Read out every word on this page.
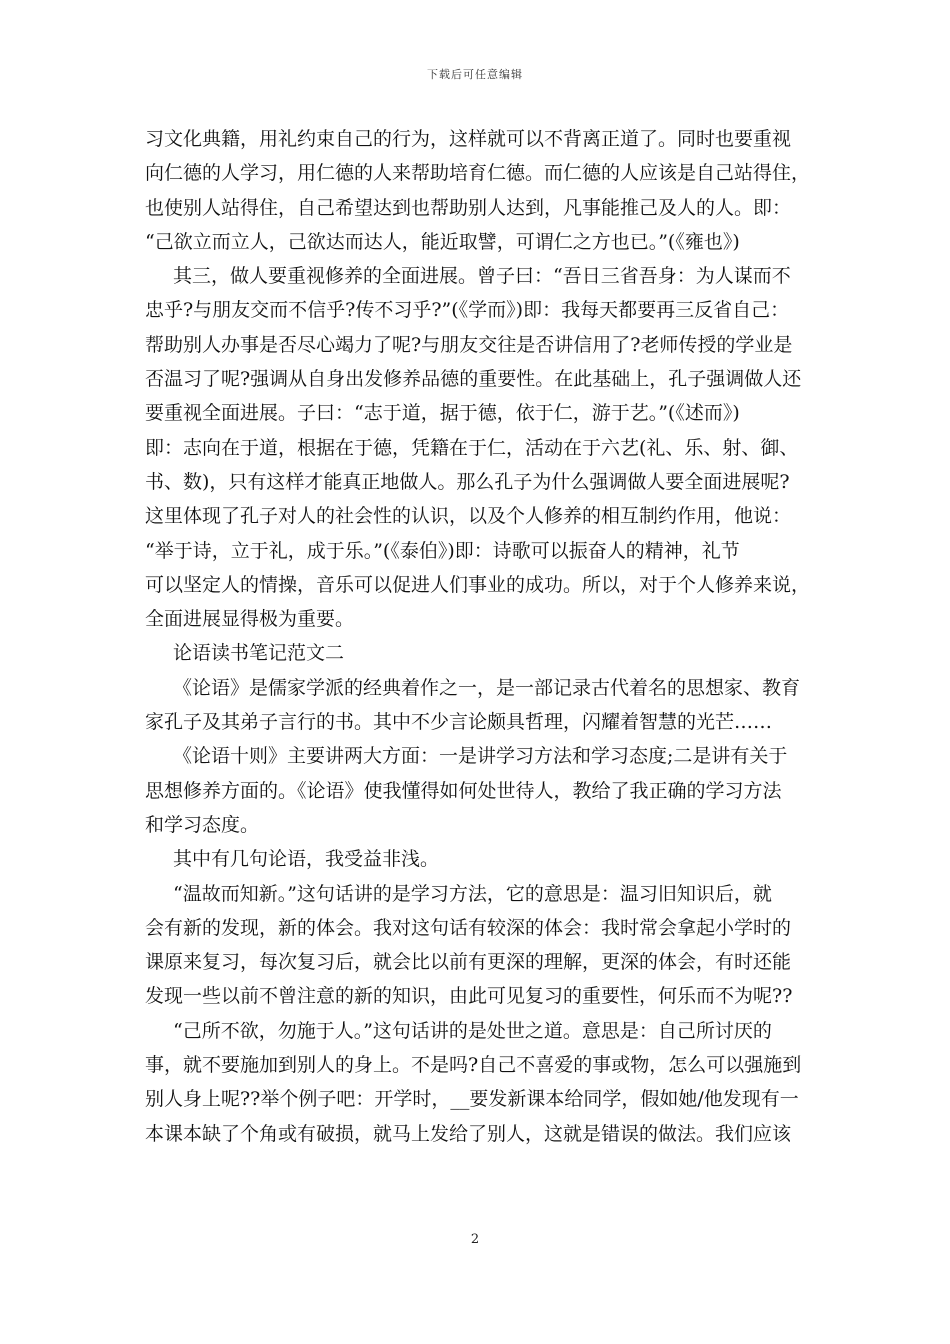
下载后可任意编辑
习文化典籍，用礼约束自己的行为，这样就可以不背离正道了。同时也要重视
向仁德的人学习，用仁德的人来帮助培育仁德。而仁德的人应该是自己站得住，
也使别人站得住，自己希望达到也帮助别人达到，凡事能推己及人的人。即：
“己欲立而立人，己欲达而达人，能近取譬，可谓仁之方也已。”(《雍也》)
其三，做人要重视修养的全面进展。曾子曰：“吾日三省吾身：为人谋而不
忠乎?与朋友交而不信乎?传不习乎?”(《学而》)即：我每天都要再三反省自己：
帮助别人办事是否尽心竭力了呢?与朋友交往是否讲信用了?老师传授的学业是
否温习了呢?强调从自身出发修养品德的重要性。在此基础上，孔子强调做人还
要重视全面进展。子曰：“志于道，据于德，依于仁，游于艺。”(《述而》)
即：志向在于道，根据在于德，凭籍在于仁，活动在于六艺(礼、乐、射、御、
书、数)，只有这样才能真正地做人。那么孔子为什么强调做人要全面进展呢?
这里体现了孔子对人的社会性的认识，以及个人修养的相互制约作用，他说：
“举于诗，立于礼，成于乐。”(《泰伯》)即：诗歌可以振奋人的精神，礼节
可以坚定人的情操，音乐可以促进人们事业的成功。所以，对于个人修养来说，
全面进展显得极为重要。
论语读书笔记范文二
《论语》是儒家学派的经典着作之一，是一部记录古代着名的思想家、教育
家孔子及其弟子言行的书。其中不少言论颇具哲理，闪耀着智慧的光芒……
《论语十则》主要讲两大方面：一是讲学习方法和学习态度;二是讲有关于
思想修养方面的。《论语》使我懂得如何处世待人，教给了我正确的学习方法
和学习态度。
其中有几句论语，我受益非浅。
“温故而知新。”这句话讲的是学习方法，它的意思是：温习旧知识后，就
会有新的发现，新的体会。我对这句话有较深的体会：我时常会拿起小学时的
课原来复习，每次复习后，就会比以前有更深的理解，更深的体会，有时还能
发现一些以前不曾注意的新的知识，由此可见复习的重要性，何乐而不为呢??
“己所不欲，勿施于人。”这句话讲的是处世之道。意思是：自己所讨厌的
事，就不要施加到别人的身上。不是吗?自己不喜爱的事或物，怎么可以强施到
别人身上呢??举个例子吧：开学时，__要发新课本给同学，假如她/他发现有一
本课本缺了个角或有破损，就马上发给了别人，这就是错误的做法。我们应该
2
